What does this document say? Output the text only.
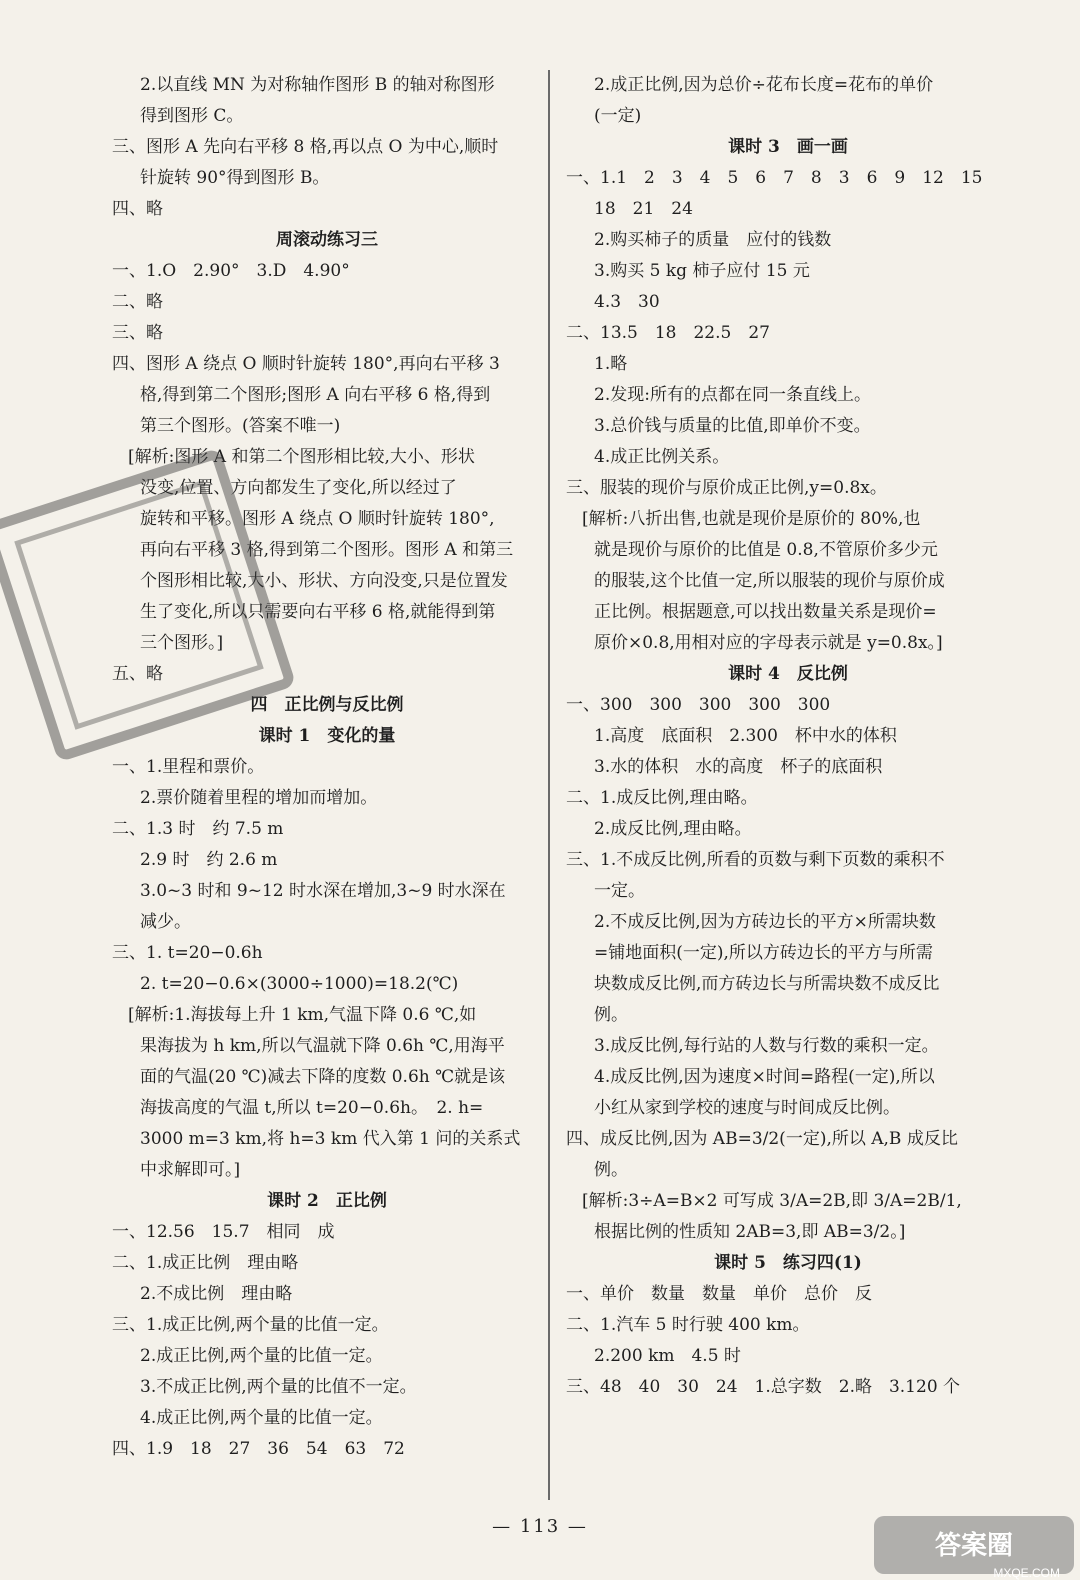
2.以直线 MN 为对称轴作图形 B 的轴对称图形
得到图形 C。
三、图形 A 先向右平移 8 格,再以点 O 为中心,顺时
针旋转 90°得到图形 B。
四、略
周滚动练习三
一、1.O　2.90°　3.D　4.90°
二、略
三、略
四、图形 A 绕点 O 顺时针旋转 180°,再向右平移 3
格,得到第二个图形;图形 A 向右平移 6 格,得到
第三个图形。(答案不唯一)
[解析:图形 A 和第二个图形相比较,大小、形状
没变,位置、方向都发生了变化,所以经过了
旋转和平移。图形 A 绕点 O 顺时针旋转 180°,
再向右平移 3 格,得到第二个图形。图形 A 和第三
个图形相比较,大小、形状、方向没变,只是位置发
生了变化,所以只需要向右平移 6 格,就能得到第
三个图形。]
五、略
四　正比例与反比例
课时 1　变化的量
一、1.里程和票价。
2.票价随着里程的增加而增加。
二、1.3 时　约 7.5 m
2.9 时　约 2.6 m
3.0~3 时和 9~12 时水深在增加,3~9 时水深在
减少。
三、1. t=20−0.6h
2. t=20−0.6×(3000÷1000)=18.2(℃)
[解析:1.海拔每上升 1 km,气温下降 0.6 ℃,如
果海拔为 h km,所以气温就下降 0.6h ℃,用海平
面的气温(20 ℃)减去下降的度数 0.6h ℃就是该
海拔高度的气温 t,所以 t=20−0.6h。　2. h=
3000 m=3 km,将 h=3 km 代入第 1 问的关系式
中求解即可。]
课时 2　正比例
一、12.56　15.7　相同　成
二、1.成正比例　理由略
2.不成比例　理由略
三、1.成正比例,两个量的比值一定。
2.成正比例,两个量的比值一定。
3.不成正比例,两个量的比值不一定。
4.成正比例,两个量的比值一定。
四、1.9　18　27　36　54　63　72
2.成正比例,因为总价÷花布长度=花布的单价
(一定)
课时 3　画一画
一、1.1　2　3　4　5　6　7　8　3　6　9　12　15
18　21　24
2.购买柿子的质量　应付的钱数
3.购买 5 kg 柿子应付 15 元
4.3　30
二、13.5　18　22.5　27
1.略
2.发现:所有的点都在同一条直线上。
3.总价钱与质量的比值,即单价不变。
4.成正比例关系。
三、服装的现价与原价成正比例,y=0.8x。
[解析:八折出售,也就是现价是原价的 80%,也
就是现价与原价的比值是 0.8,不管原价多少元
的服装,这个比值一定,所以服装的现价与原价成
正比例。根据题意,可以找出数量关系是现价=
原价×0.8,用相对应的字母表示就是 y=0.8x。]
课时 4　反比例
一、300　300　300　300　300
1.高度　底面积　2.300　杯中水的体积
3.水的体积　水的高度　杯子的底面积
二、1.成反比例,理由略。
2.成反比例,理由略。
三、1.不成反比例,所看的页数与剩下页数的乘积不
一定。
2.不成反比例,因为方砖边长的平方×所需块数
=铺地面积(一定),所以方砖边长的平方与所需
块数成反比例,而方砖边长与所需块数不成反比
例。
3.成反比例,每行站的人数与行数的乘积一定。
4.成反比例,因为速度×时间=路程(一定),所以
小红从家到学校的速度与时间成反比例。
四、成反比例,因为 AB=3/2(一定),所以 A,B 成反比
例。
[解析:3÷A=B×2 可写成 3/A=2B,即 3/A=2B/1,
根据比例的性质知 2AB=3,即 AB=3/2。]
课时 5　练习四(1)
一、单价　数量　数量　单价　总价　反
二、1.汽车 5 时行驶 400 km。
2.200 km　4.5 时
三、48　40　30　24　1.总字数　2.略　3.120 个
— 113 —
答案圈
MXQE.COM
